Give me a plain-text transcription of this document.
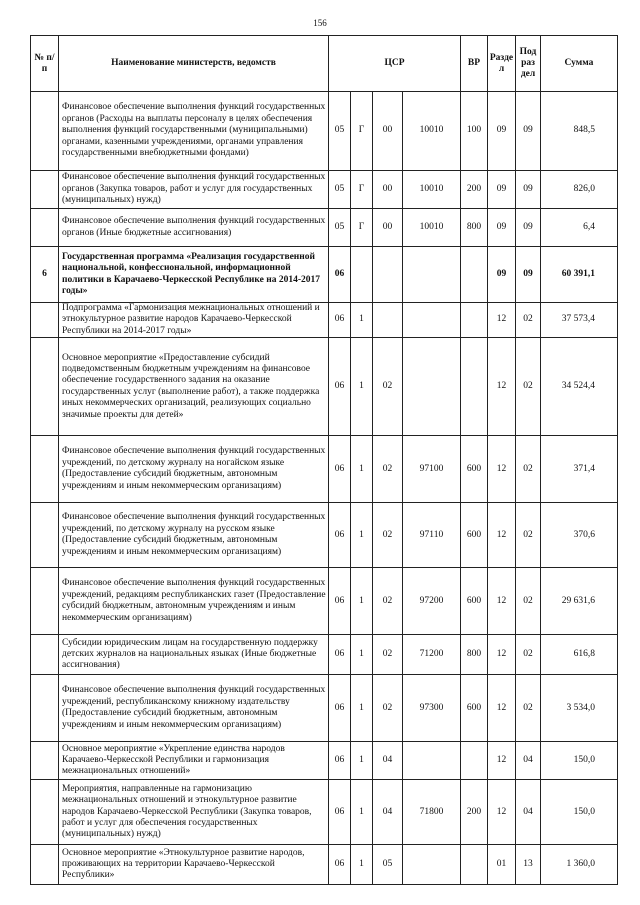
156
№ п/п	Наименование министерств, ведомств	ЦСР				ВР	Разде л	Под раз дел	Сумма
	Финансовое обеспечение выполнения функций государственных органов (Расходы на выплаты персоналу в целях обеспечения выполнения функций государственными (муниципальными) органами, казенными учреждениями, органами управления государственными внебюджетными фондами)	05	Г	00	10010	100	09	09	848,5
	Финансовое обеспечение выполнения функций государственных органов (Закупка товаров, работ и услуг для государственных (муниципальных) нужд)	05	Г	00	10010	200	09	09	826,0
	Финансовое обеспечение выполнения функций государственных органов (Иные бюджетные ассигнования)	05	Г	00	10010	800	09	09	6,4
6	Государственная программа «Реализация государственной национальной, конфессиональной, информационной политики в Карачаево-Черкесской Республике на 2014-2017 годы»	06					09	09	60 391,1
	Подпрограмма «Гармонизация межнациональных отношений и этнокультурное развитие народов Карачаево-Черкесской Республики на 2014-2017 годы»	06	1				12	02	37 573,4
	Основное мероприятие «Предоставление субсидий подведомственным бюджетным учреждениям на финансовое обеспечение государственного задания на оказание государственных услуг (выполнение работ), а также поддержка иных некоммерческих организаций, реализующих социально значимые проекты для детей»	06	1	02			12	02	34 524,4
	Финансовое обеспечение выполнения функций государственных учреждений, по детскому журналу на ногайском языке (Предоставление субсидий бюджетным, автономным учреждениям и иным некоммерческим организациям)	06	1	02	97100	600	12	02	371,4
	Финансовое обеспечение выполнения функций государственных учреждений, по детскому журналу на русском языке (Предоставление субсидий бюджетным, автономным учреждениям и иным некоммерческим организациям)	06	1	02	97110	600	12	02	370,6
	Финансовое обеспечение выполнения функций государственных учреждений, редакциям республиканских газет (Предоставление субсидий бюджетным, автономным учреждениям и иным некоммерческим организациям)	06	1	02	97200	600	12	02	29 631,6
	Субсидии юридическим лицам на государственную поддержку детских журналов на национальных языках (Иные бюджетные ассигнования)	06	1	02	71200	800	12	02	616,8
	Финансовое обеспечение выполнения функций государственных учреждений, республиканскому книжному издательству (Предоставление субсидий бюджетным, автономным учреждениям и иным некоммерческим организациям)	06	1	02	97300	600	12	02	3 534,0
	Основное мероприятие «Укрепление единства народов Карачаево-Черкесской Республики и гармонизация межнациональных отношений»	06	1	04			12	04	150,0
	Мероприятия, направленные на гармонизацию межнациональных отношений и этнокультурное развитие народов Карачаево-Черкесской Республики (Закупка товаров, работ и услуг для обеспечения государственных (муниципальных) нужд)	06	1	04	71800	200	12	04	150,0
	Основное мероприятие «Этнокультурное развитие народов, проживающих на территории Карачаево-Черкесской Республики»	06	1	05			01	13	1 360,0
